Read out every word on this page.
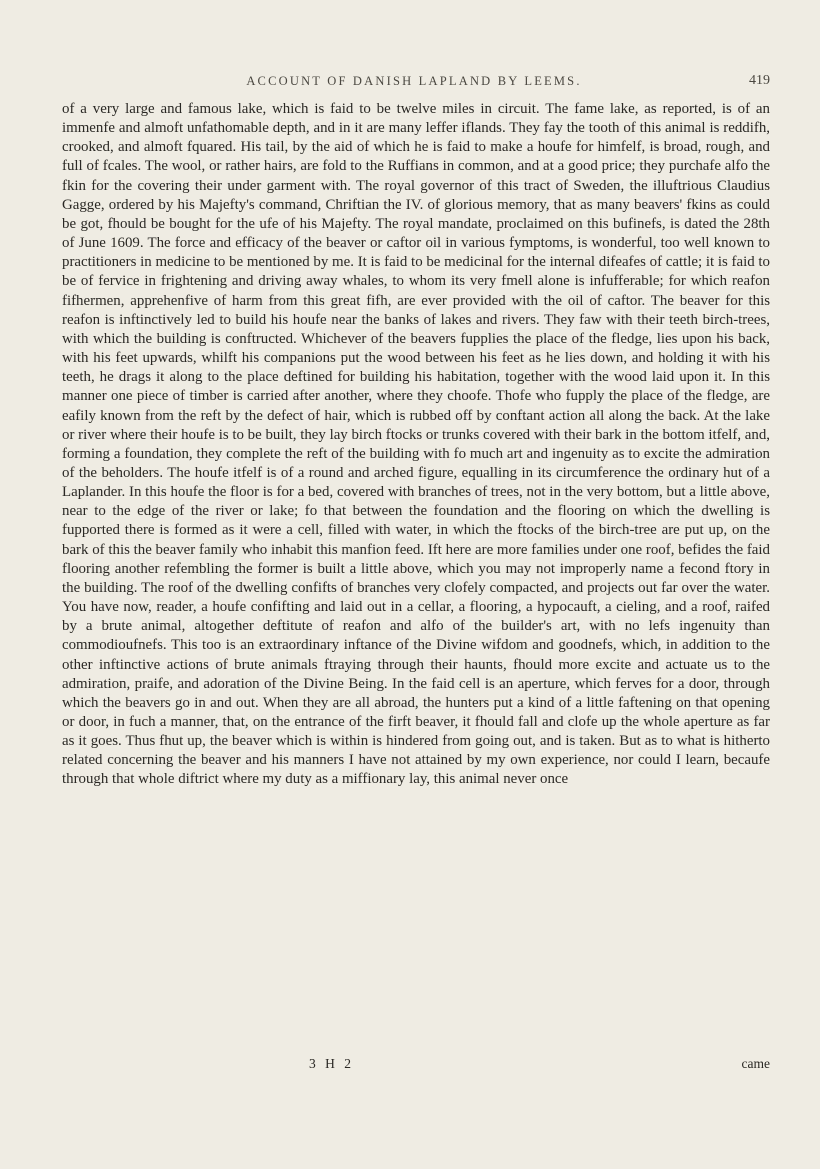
ACCOUNT OF DANISH LAPLAND BY LEEMS.	419

of a very large and famous lake, which is faid to be twelve miles in circuit. The fame lake, as reported, is of an immenfe and almoft unfathomable depth, and in it are many leffer iflands. They fay the tooth of this animal is reddifh, crooked, and almoft fquared. His tail, by the aid of which he is faid to make a houfe for himfelf, is broad, rough, and full of fcales. The wool, or rather hairs, are fold to the Ruffians in common, and at a good price; they purchafe alfo the fkin for the covering their under garment with. The royal governor of this tract of Sweden, the illuftrious Claudius Gagge, ordered by his Majefty's command, Chriftian the IV. of glorious memory, that as many beavers' fkins as could be got, fhould be bought for the ufe of his Majefty. The royal mandate, proclaimed on this bufinefs, is dated the 28th of June 1609. The force and efficacy of the beaver or caftor oil in various fymptoms, is wonderful, too well known to practitioners in medicine to be mentioned by me. It is faid to be medicinal for the internal difeafes of cattle; it is faid to be of fervice in frightening and driving away whales, to whom its very fmell alone is infufferable; for which reafon fifhermen, apprehenfive of harm from this great fifh, are ever provided with the oil of caftor. The beaver for this reafon is inftinctively led to build his houfe near the banks of lakes and rivers. They faw with their teeth birch-trees, with which the building is conftructed. Whichever of the beavers fupplies the place of the fledge, lies upon his back, with his feet upwards, whilft his companions put the wood between his feet as he lies down, and holding it with his teeth, he drags it along to the place deftined for building his habitation, together with the wood laid upon it. In this manner one piece of timber is carried after another, where they choofe. Thofe who fupply the place of the fledge, are eafily known from the reft by the defect of hair, which is rubbed off by conftant action all along the back. At the lake or river where their houfe is to be built, they lay birch ftocks or trunks covered with their bark in the bottom itfelf, and, forming a foundation, they complete the reft of the building with fo much art and ingenuity as to excite the admiration of the beholders. The houfe itfelf is of a round and arched figure, equalling in its circumference the ordinary hut of a Laplander. In this houfe the floor is for a bed, covered with branches of trees, not in the very bottom, but a little above, near to the edge of the river or lake; fo that between the foundation and the flooring on which the dwelling is fupported there is formed as it were a cell, filled with water, in which the ftocks of the birch-tree are put up, on the bark of this the beaver family who inhabit this manfion feed. Ift here are more families under one roof, befides the faid flooring another refembling the former is built a little above, which you may not improperly name a fecond ftory in the building. The roof of the dwelling confifts of branches very clofely compacted, and projects out far over the water. You have now, reader, a houfe confifting and laid out in a cellar, a flooring, a hypocauft, a cieling, and a roof, raifed by a brute animal, altogether deftitute of reafon and alfo of the builder's art, with no lefs ingenuity than commodioufnefs. This too is an extraordinary inftance of the Divine wifdom and goodnefs, which, in addition to the other inftinctive actions of brute animals ftraying through their haunts, fhould more excite and actuate us to the admiration, praife, and adoration of the Divine Being. In the faid cell is an aperture, which ferves for a door, through which the beavers go in and out. When they are all abroad, the hunters put a kind of a little faftening on that opening or door, in fuch a manner, that, on the entrance of the firft beaver, it fhould fall and clofe up the whole aperture as far as it goes. Thus fhut up, the beaver which is within is hindered from going out, and is taken. But as to what is hitherto related concerning the beaver and his manners I have not attained by my own experience, nor could I learn, becaufe through that whole diftrict where my duty as a miffionary lay, this animal never once

3 H 2	came
